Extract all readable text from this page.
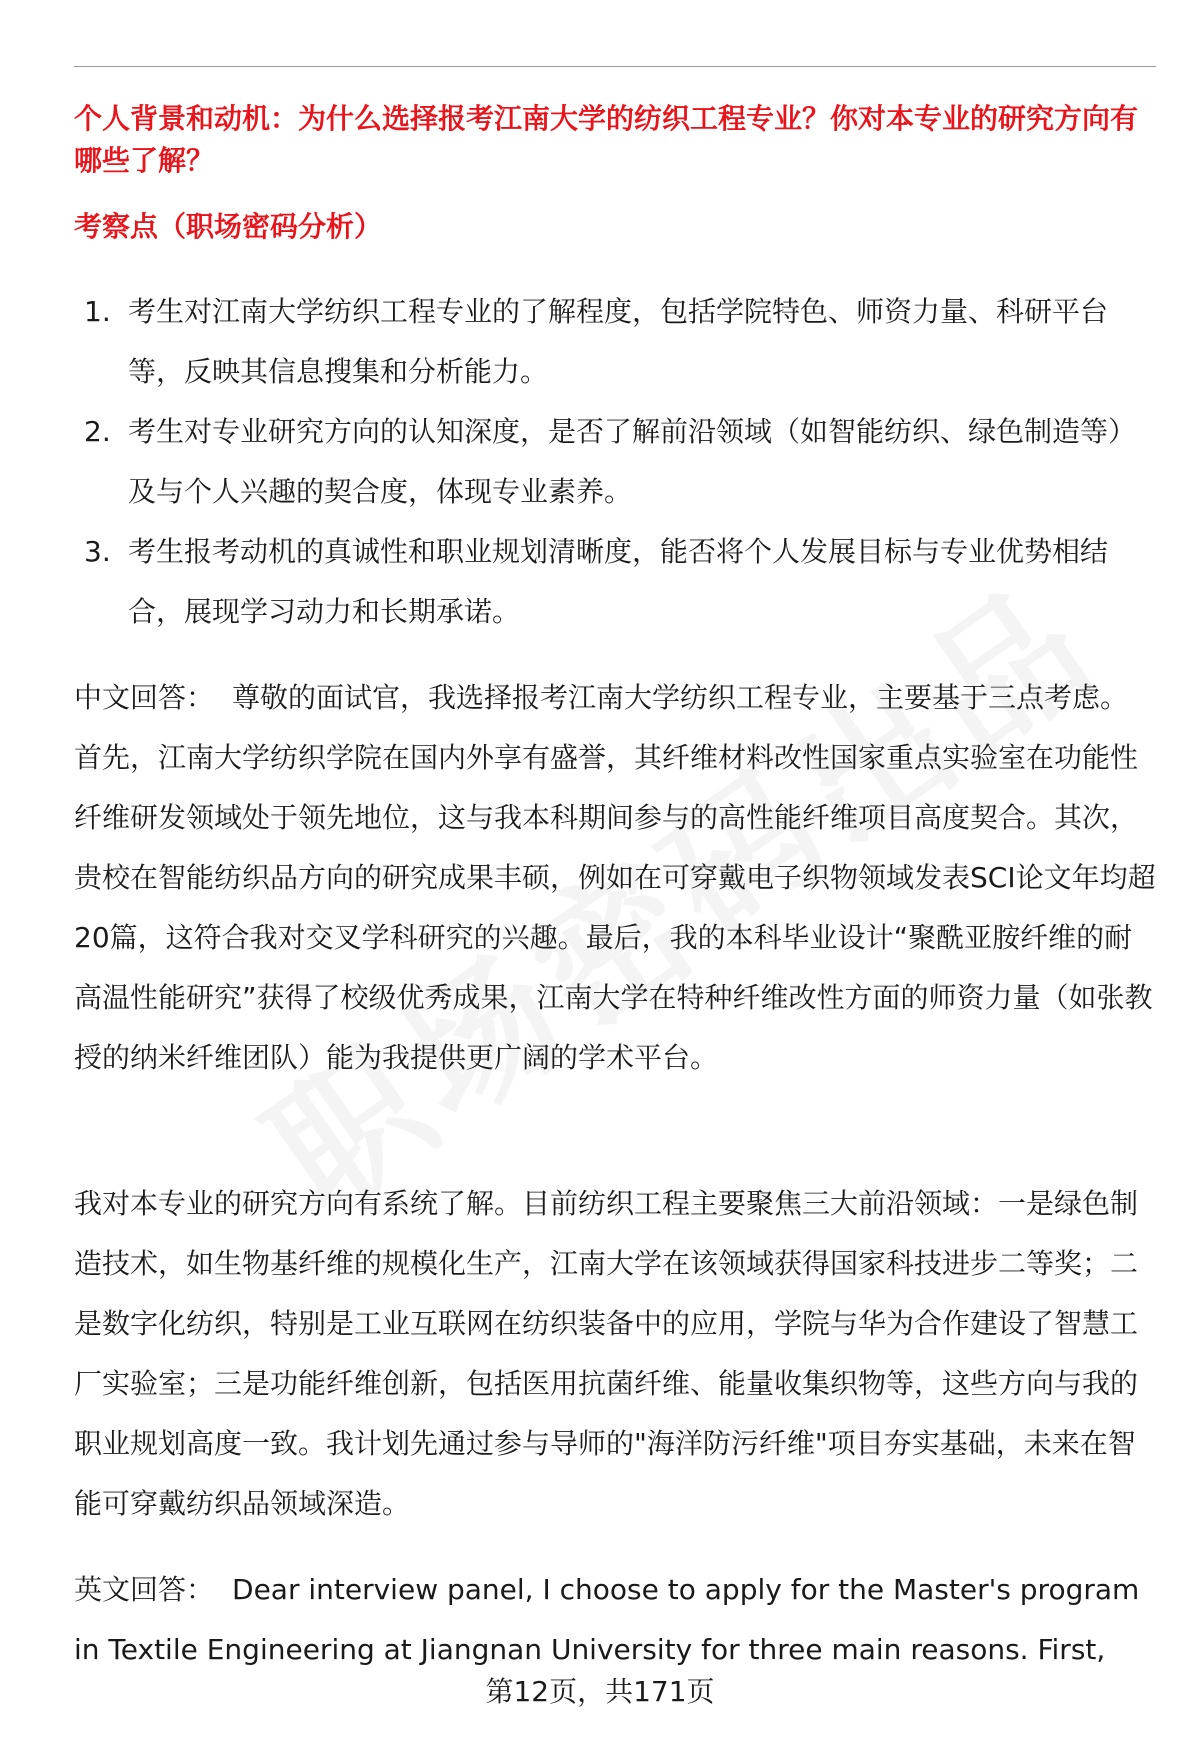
个人背景和动机：为什么选择报考江南大学的纺织工程专业？你对本专业的研究方向有哪些了解？

考察点（职场密码分析）

1. 考生对江南大学纺织工程专业的了解程度，包括学院特色、师资力量、科研平台等，反映其信息搜集和分析能力。
2. 考生对专业研究方向的认知深度，是否了解前沿领域（如智能纺织、绿色制造等）及与个人兴趣的契合度，体现专业素养。
3. 考生报考动机的真诚性和职业规划清晰度，能否将个人发展目标与专业优势相结合，展现学习动力和长期承诺。

中文回答： 尊敬的面试官，我选择报考江南大学纺织工程专业，主要基于三点考虑。首先，江南大学纺织学院在国内外享有盛誉，其纤维材料改性国家重点实验室在功能性纤维研发领域处于领先地位，这与我本科期间参与的高性能纤维项目高度契合。其次，贵校在智能纺织品方向的研究成果丰硕，例如在可穿戴电子织物领域发表SCI论文年均超20篇，这符合我对交叉学科研究的兴趣。最后，我的本科毕业设计“聚酰亚胺纤维的耐高温性能研究”获得了校级优秀成果，江南大学在特种纤维改性方面的师资力量（如张教授的纳米纤维团队）能为我提供更广阔的学术平台。

我对本专业的研究方向有系统了解。目前纺织工程主要聚焦三大前沿领域：一是绿色制造技术，如生物基纤维的规模化生产，江南大学在该领域获得国家科技进步二等奖；二是数字化纺织，特别是工业互联网在纺织装备中的应用，学院与华为合作建设了智慧工厂实验室；三是功能纤维创新，包括医用抗菌纤维、能量收集织物等，这些方向与我的职业规划高度一致。我计划先通过参与导师的"海洋防污纤维"项目夯实基础，未来在智能可穿戴纺织品领域深造。

英文回答： Dear interview panel, I choose to apply for the Master's program in Textile Engineering at Jiangnan University for three main reasons. First,

第12页，共171页
